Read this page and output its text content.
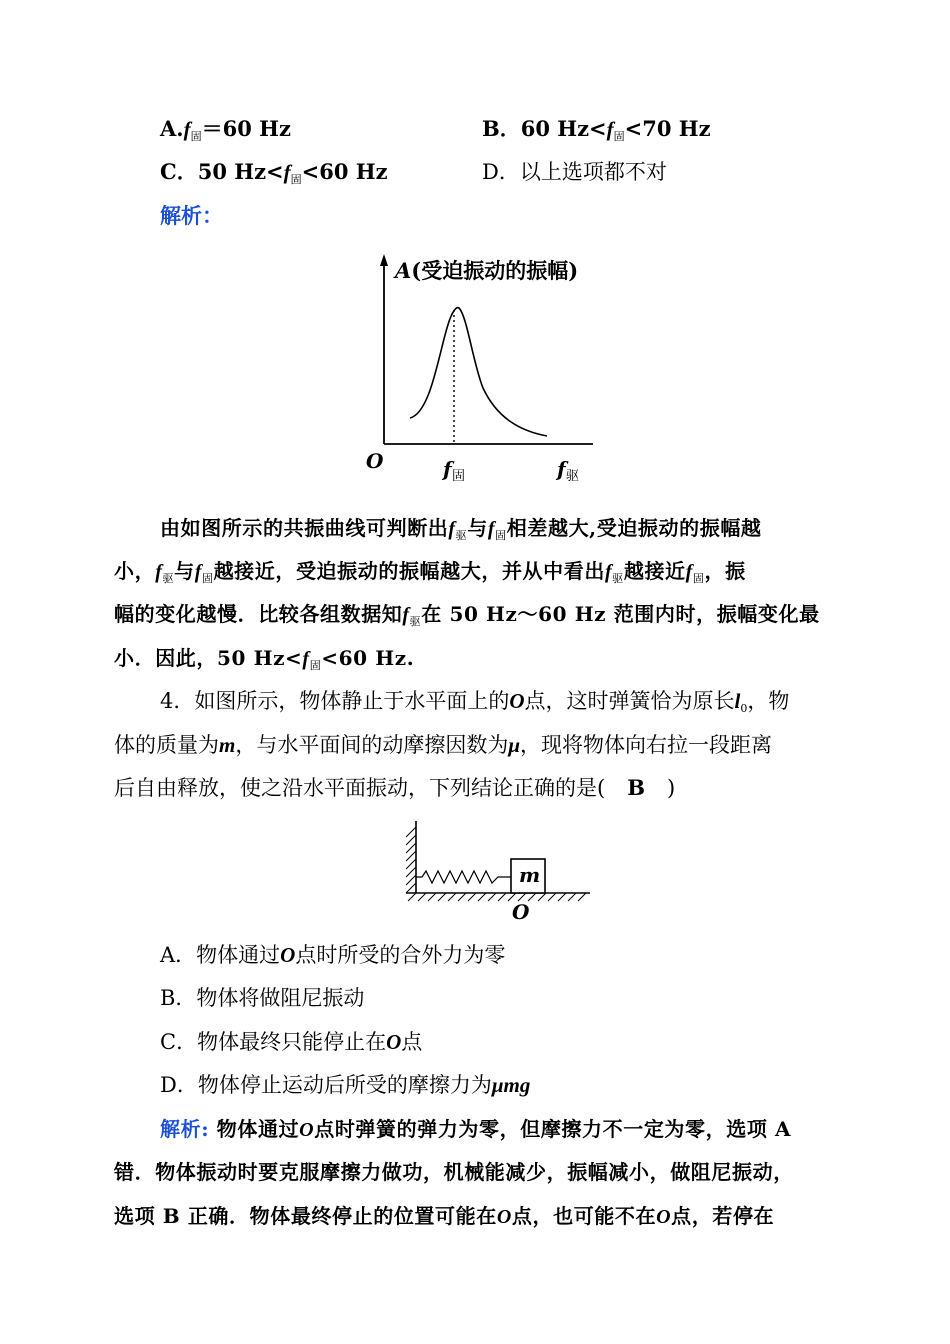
$A.f_固=60$ Hz	B．60 $Hz<f_固<70$ Hz
C．50 $Hz<f_固<60$ Hz	D．以上选项都不对
解析：
A(受迫振动的振幅)
O	f 固	f 驱
由如图所示的共振曲线可判断出$f_驱$与$f_固$相差越大,受迫振动的振幅越
小，$f_驱$与$f_固$越接近，受迫振动的振幅越大，并从中看出$f_驱$越接近$f_固$，振
幅的变化越慢．比较各组数据知$f_驱$在 50 Hz～60 Hz 范围内时，振幅变化最
小．因此，50 $Hz<f_固<60$ Hz.
4．如图所示，物体静止于水平面上的O点，这时弹簧恰为原长$l_0$，物
体的质量为m，与水平面间的动摩擦因数为μ，现将物体向右拉一段距离
后自由释放，使之沿水平面振动，下列结论正确的是( B )
m
O
A．物体通过O点时所受的合外力为零
B．物体将做阻尼振动
C．物体最终只能停止在O点
D．物体停止运动后所受的摩擦力为μmg
解析: 物体通过O点时弹簧的弹力为零，但摩擦力不一定为零，选项 A
错．物体振动时要克服摩擦力做功，机械能减少，振幅减小，做阻尼振动，
选项 B 正确．物体最终停止的位置可能在O点，也可能不在O点，若停在
